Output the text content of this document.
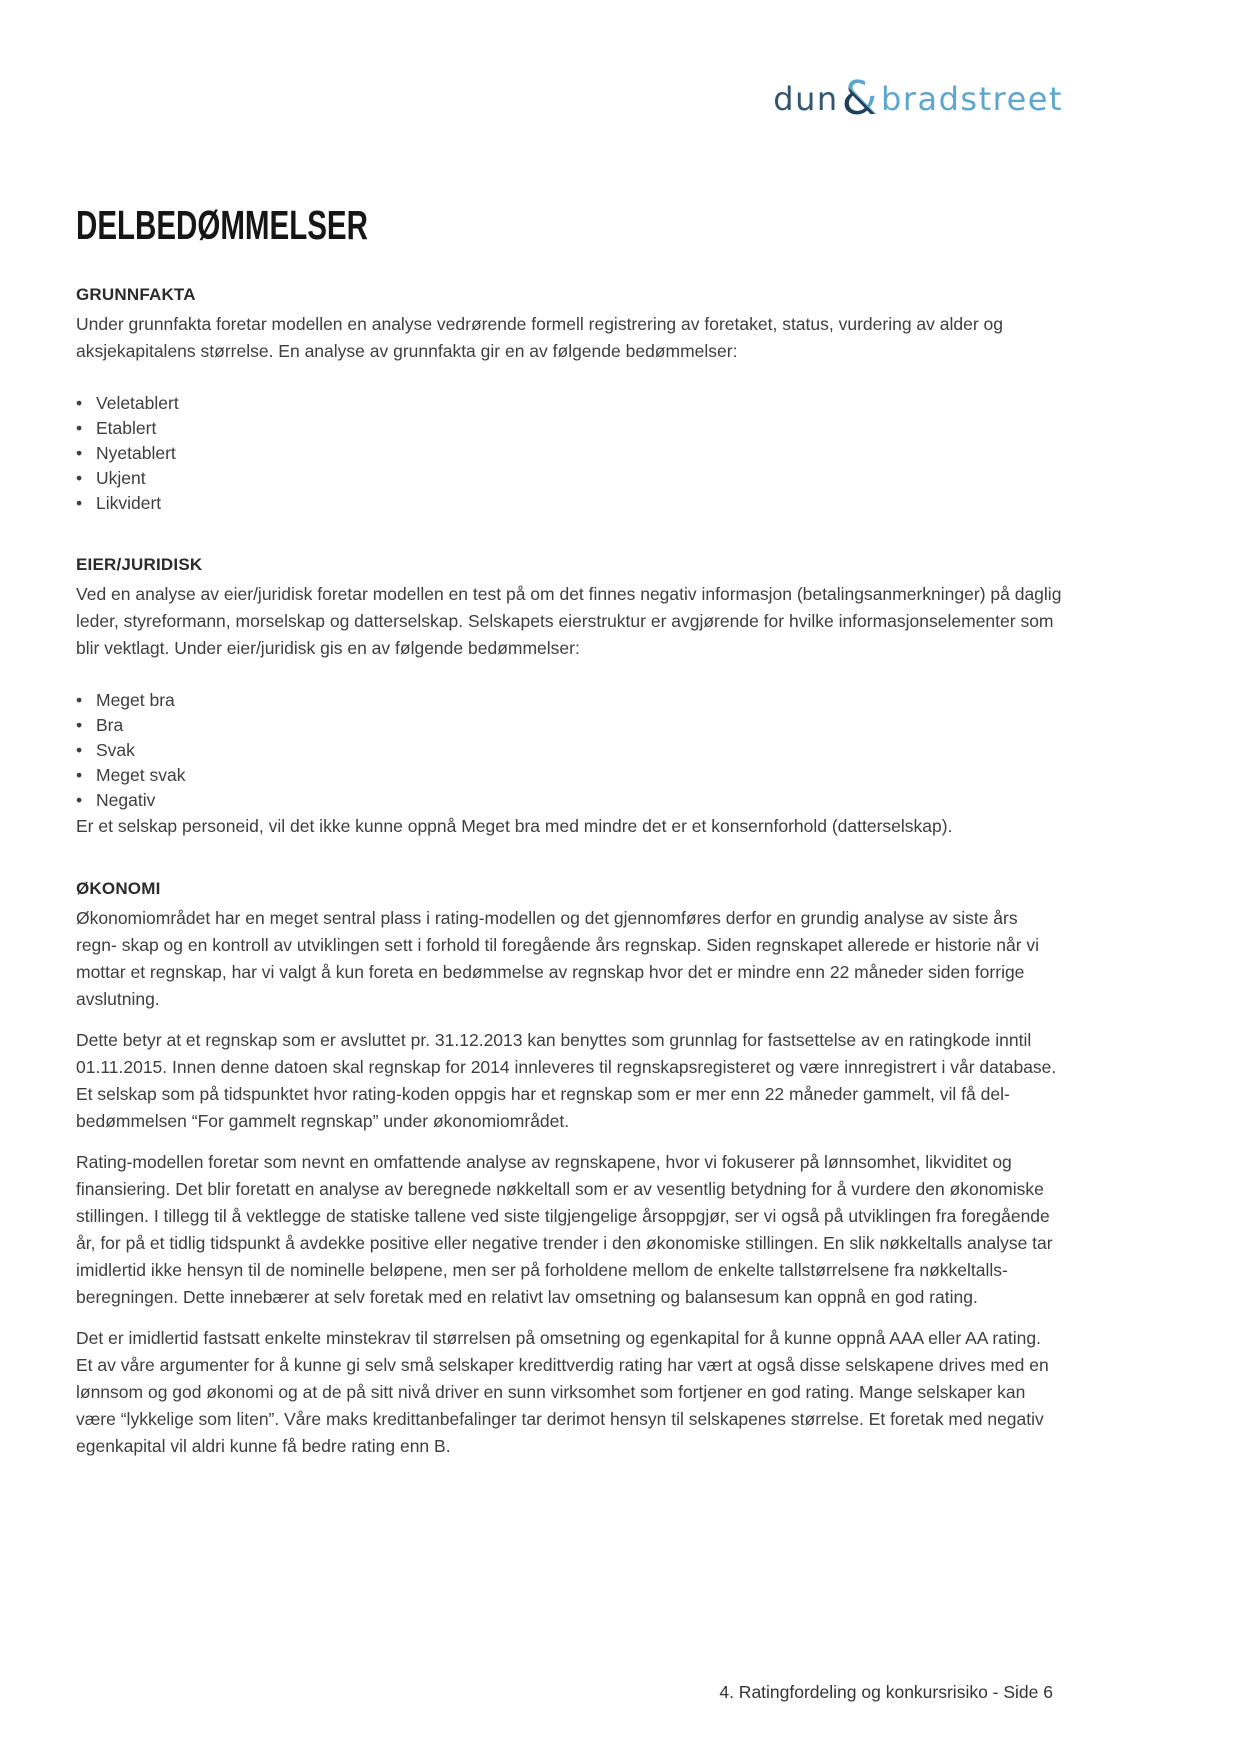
dun&bradstreet
DELBEDØMMELSER
GRUNNFAKTA

Under grunnfakta foretar modellen en analyse vedrørende formell registrering av foretaket, status, vurdering av alder og aksjekapitalens størrelse. En analyse av grunnfakta gir en av følgende bedømmelser:

• Veletablert
• Etablert
• Nyetablert
• Ukjent
• Likvidert
EIER/JURIDISK

Ved en analyse av eier/juridisk foretar modellen en test på om det finnes negativ informasjon (betalingsanmerkninger) på daglig leder, styreformann, morselskap og datterselskap. Selskapets eierstruktur er avgjørende for hvilke informasjonselementer som blir vektlagt. Under eier/juridisk gis en av følgende bedømmelser:

• Meget bra
• Bra
• Svak
• Meget svak
• Negativ

Er et selskap personeid, vil det ikke kunne oppnå Meget bra med mindre det er et konsernforhold (datterselskap).

ØKONOMI

Økonomiområdet har en meget sentral plass i rating-modellen og det gjennomføres derfor en grundig analyse av siste års regn- skap og en kontroll av utviklingen sett i forhold til foregående års regnskap. Siden regnskapet allerede er historie når vi mottar et regnskap, har vi valgt å kun foreta en bedømmelse av regnskap hvor det er mindre enn 22 måneder siden forrige avslutning.

Dette betyr at et regnskap som er avsluttet pr. 31.12.2013 kan benyttes som grunnlag for fastsettelse av en ratingkode inntil 01.11.2015. Innen denne datoen skal regnskap for 2014 innleveres til regnskapsregisteret og være innregistrert i vår database. Et selskap som på tidspunktet hvor rating-koden oppgis har et regnskap som er mer enn 22 måneder gammelt, vil få del- bedømmelsen “For gammelt regnskap” under økonomiområdet.

Rating-modellen foretar som nevnt en omfattende analyse av regnskapene, hvor vi fokuserer på lønnsomhet, likviditet og finansiering. Det blir foretatt en analyse av beregnede nøkkeltall som er av vesentlig betydning for å vurdere den økonomiske stillingen. I tillegg til å vektlegge de statiske tallene ved siste tilgjengelige årsoppgjør, ser vi også på utviklingen fra foregående år, for på et tidlig tidspunkt å avdekke positive eller negative trender i den økonomiske stillingen. En slik nøkkeltalls analyse tar imidlertid ikke hensyn til de nominelle beløpene, men ser på forholdene mellom de enkelte tallstørrelsene fra nøkkeltalls- beregningen. Dette innebærer at selv foretak med en relativt lav omsetning og balansesum kan oppnå en god rating.

Det er imidlertid fastsatt enkelte minstekrav til størrelsen på omsetning og egenkapital for å kunne oppnå AAA eller AA rating. Et av våre argumenter for å kunne gi selv små selskaper kredittverdig rating har vært at også disse selskapene drives med en lønnsom og god økonomi og at de på sitt nivå driver en sunn virksomhet som fortjener en god rating. Mange selskaper kan være “lykkelige som liten”. Våre maks kredittanbefalinger tar derimot hensyn til selskapenes størrelse. Et foretak med negativ egenkapital vil aldri kunne få bedre rating enn B.

4. Ratingfordeling og konkursrisiko - Side 6
